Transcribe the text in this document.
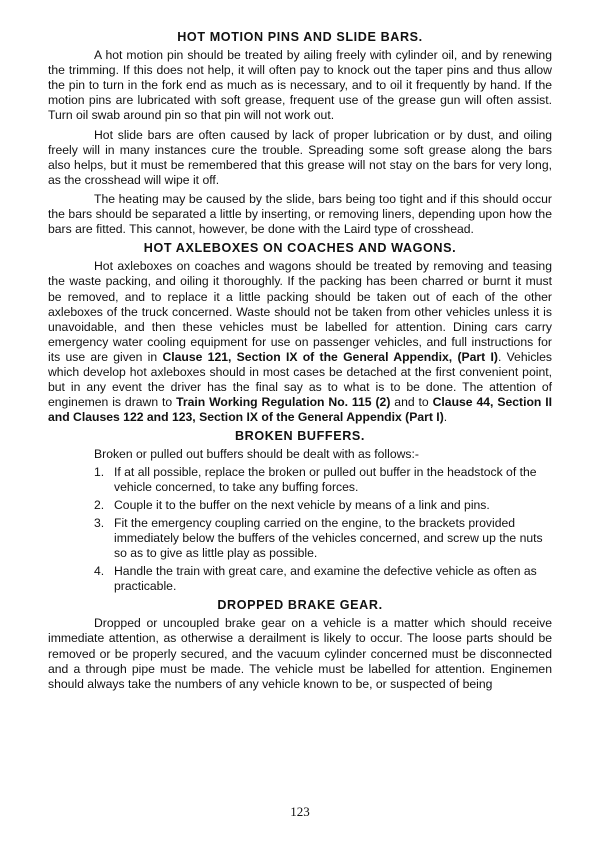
HOT MOTION PINS AND SLIDE BARS.

A hot motion pin should be treated by ailing freely with cylinder oil, and by renewing the trimming. If this does not help, it will often pay to knock out the taper pins and thus allow the pin to turn in the fork end as much as is necessary, and to oil it frequently by hand. If the motion pins are lubricated with soft grease, frequent use of the grease gun will often assist. Turn oil swab around pin so that pin will not work out.

Hot slide bars are often caused by lack of proper lubrication or by dust, and oiling freely will in many instances cure the trouble. Spreading some soft grease along the bars also helps, but it must be remembered that this grease will not stay on the bars for very long, as the crosshead will wipe it off.

The heating may be caused by the slide, bars being too tight and if this should occur the bars should be separated a little by inserting, or removing liners, depending upon how the bars are fitted. This cannot, however, be done with the Laird type of crosshead.

HOT AXLEBOXES ON COACHES AND WAGONS.

Hot axleboxes on coaches and wagons should be treated by removing and teasing the waste packing, and oiling it thoroughly. If the packing has been charred or burnt it must be removed, and to replace it a little packing should be taken out of each of the other axleboxes of the truck concerned. Waste should not be taken from other vehicles unless it is unavoidable, and then these vehicles must be labelled for attention. Dining cars carry emergency water cooling equipment for use on passenger vehicles, and full instructions for its use are given in Clause 121, Section IX of the General Appendix, (Part I). Vehicles which develop hot axleboxes should in most cases be detached at the first convenient point, but in any event the driver has the final say as to what is to be done. The attention of enginemen is drawn to Train Working Regulation No. 115 (2) and to Clause 44, Section II and Clauses 122 and 123, Section IX of the General Appendix (Part I).

BROKEN BUFFERS.

Broken or pulled out buffers should be dealt with as follows:-

1. If at all possible, replace the broken or pulled out buffer in the headstock of the vehicle concerned, to take any buffing forces.
2. Couple it to the buffer on the next vehicle by means of a link and pins.
3. Fit the emergency coupling carried on the engine, to the brackets provided immediately below the buffers of the vehicles concerned, and screw up the nuts so as to give as little play as possible.
4. Handle the train with great care, and examine the defective vehicle as often as practicable.
DROPPED BRAKE GEAR.

Dropped or uncoupled brake gear on a vehicle is a matter which should receive immediate attention, as otherwise a derailment is likely to occur. The loose parts should be removed or be properly secured, and the vacuum cylinder concerned must be disconnected and a through pipe must be made. The vehicle must be labelled for attention. Enginemen should always take the numbers of any vehicle known to be, or suspected of being

123
